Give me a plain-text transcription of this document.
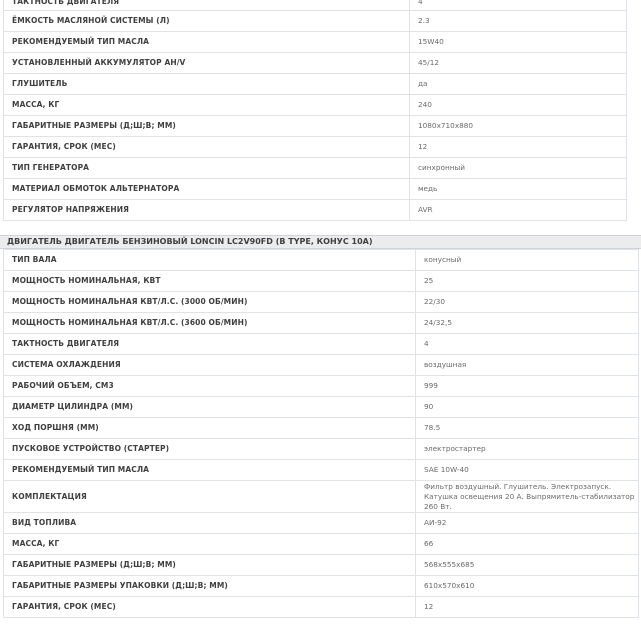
ТАКТНОСТЬ ДВИГАТЕЛЯ	4
ЁМКОСТЬ МАСЛЯНОЙ СИСТЕМЫ (Л)	2.3
РЕКОМЕНДУЕМЫЙ ТИП МАСЛА	15W40
УСТАНОВЛЕННЫЙ АККУМУЛЯТОР АН/V	45/12
ГЛУШИТЕЛЬ	да
МАССА, КГ	240
ГАБАРИТНЫЕ РАЗМЕРЫ (Д;Ш;В; ММ)	1080x710x880
ГАРАНТИЯ, СРОК (МЕС)	12
ТИП ГЕНЕРАТОРА	синхронный
МАТЕРИАЛ ОБМОТОК АЛЬТЕРНАТОРА	медь
РЕГУЛЯТОР НАПРЯЖЕНИЯ	AVR
ДВИГАТЕЛЬ ДВИГАТЕЛЬ БЕНЗИНОВЫЙ LONCIN LC2V90FD (B TYPE, КОНУС 10А)
ТИП ВАЛА	конусный
МОЩНОСТЬ НОМИНАЛЬНАЯ, КВТ	25
МОЩНОСТЬ НОМИНАЛЬНАЯ КВТ/Л.С. (3000 ОБ/МИН)	22/30
МОЩНОСТЬ НОМИНАЛЬНАЯ КВТ/Л.С. (3600 ОБ/МИН)	24/32,5
ТАКТНОСТЬ ДВИГАТЕЛЯ	4
СИСТЕМА ОХЛАЖДЕНИЯ	воздушная
РАБОЧИЙ ОБЪЕМ, СМ3	999
ДИАМЕТР ЦИЛИНДРА (ММ)	90
ХОД ПОРШНЯ (ММ)	78.5
ПУСКОВОЕ УСТРОЙСТВО (СТАРТЕР)	электростартер
РЕКОМЕНДУЕМЫЙ ТИП МАСЛА	SAE 10W-40
КОМПЛЕКТАЦИЯ	Фильтр воздушный. Глушитель. Электрозапуск. Катушка освещения 20 А. Выпрямитель-стабилизатор 260 Вт.
ВИД ТОПЛИВА	АИ-92
МАССА, КГ	66
ГАБАРИТНЫЕ РАЗМЕРЫ (Д;Ш;В; ММ)	568x555x685
ГАБАРИТНЫЕ РАЗМЕРЫ УПАКОВКИ (Д;Ш;В; ММ)	610x570x610
ГАРАНТИЯ, СРОК (МЕС)	12
